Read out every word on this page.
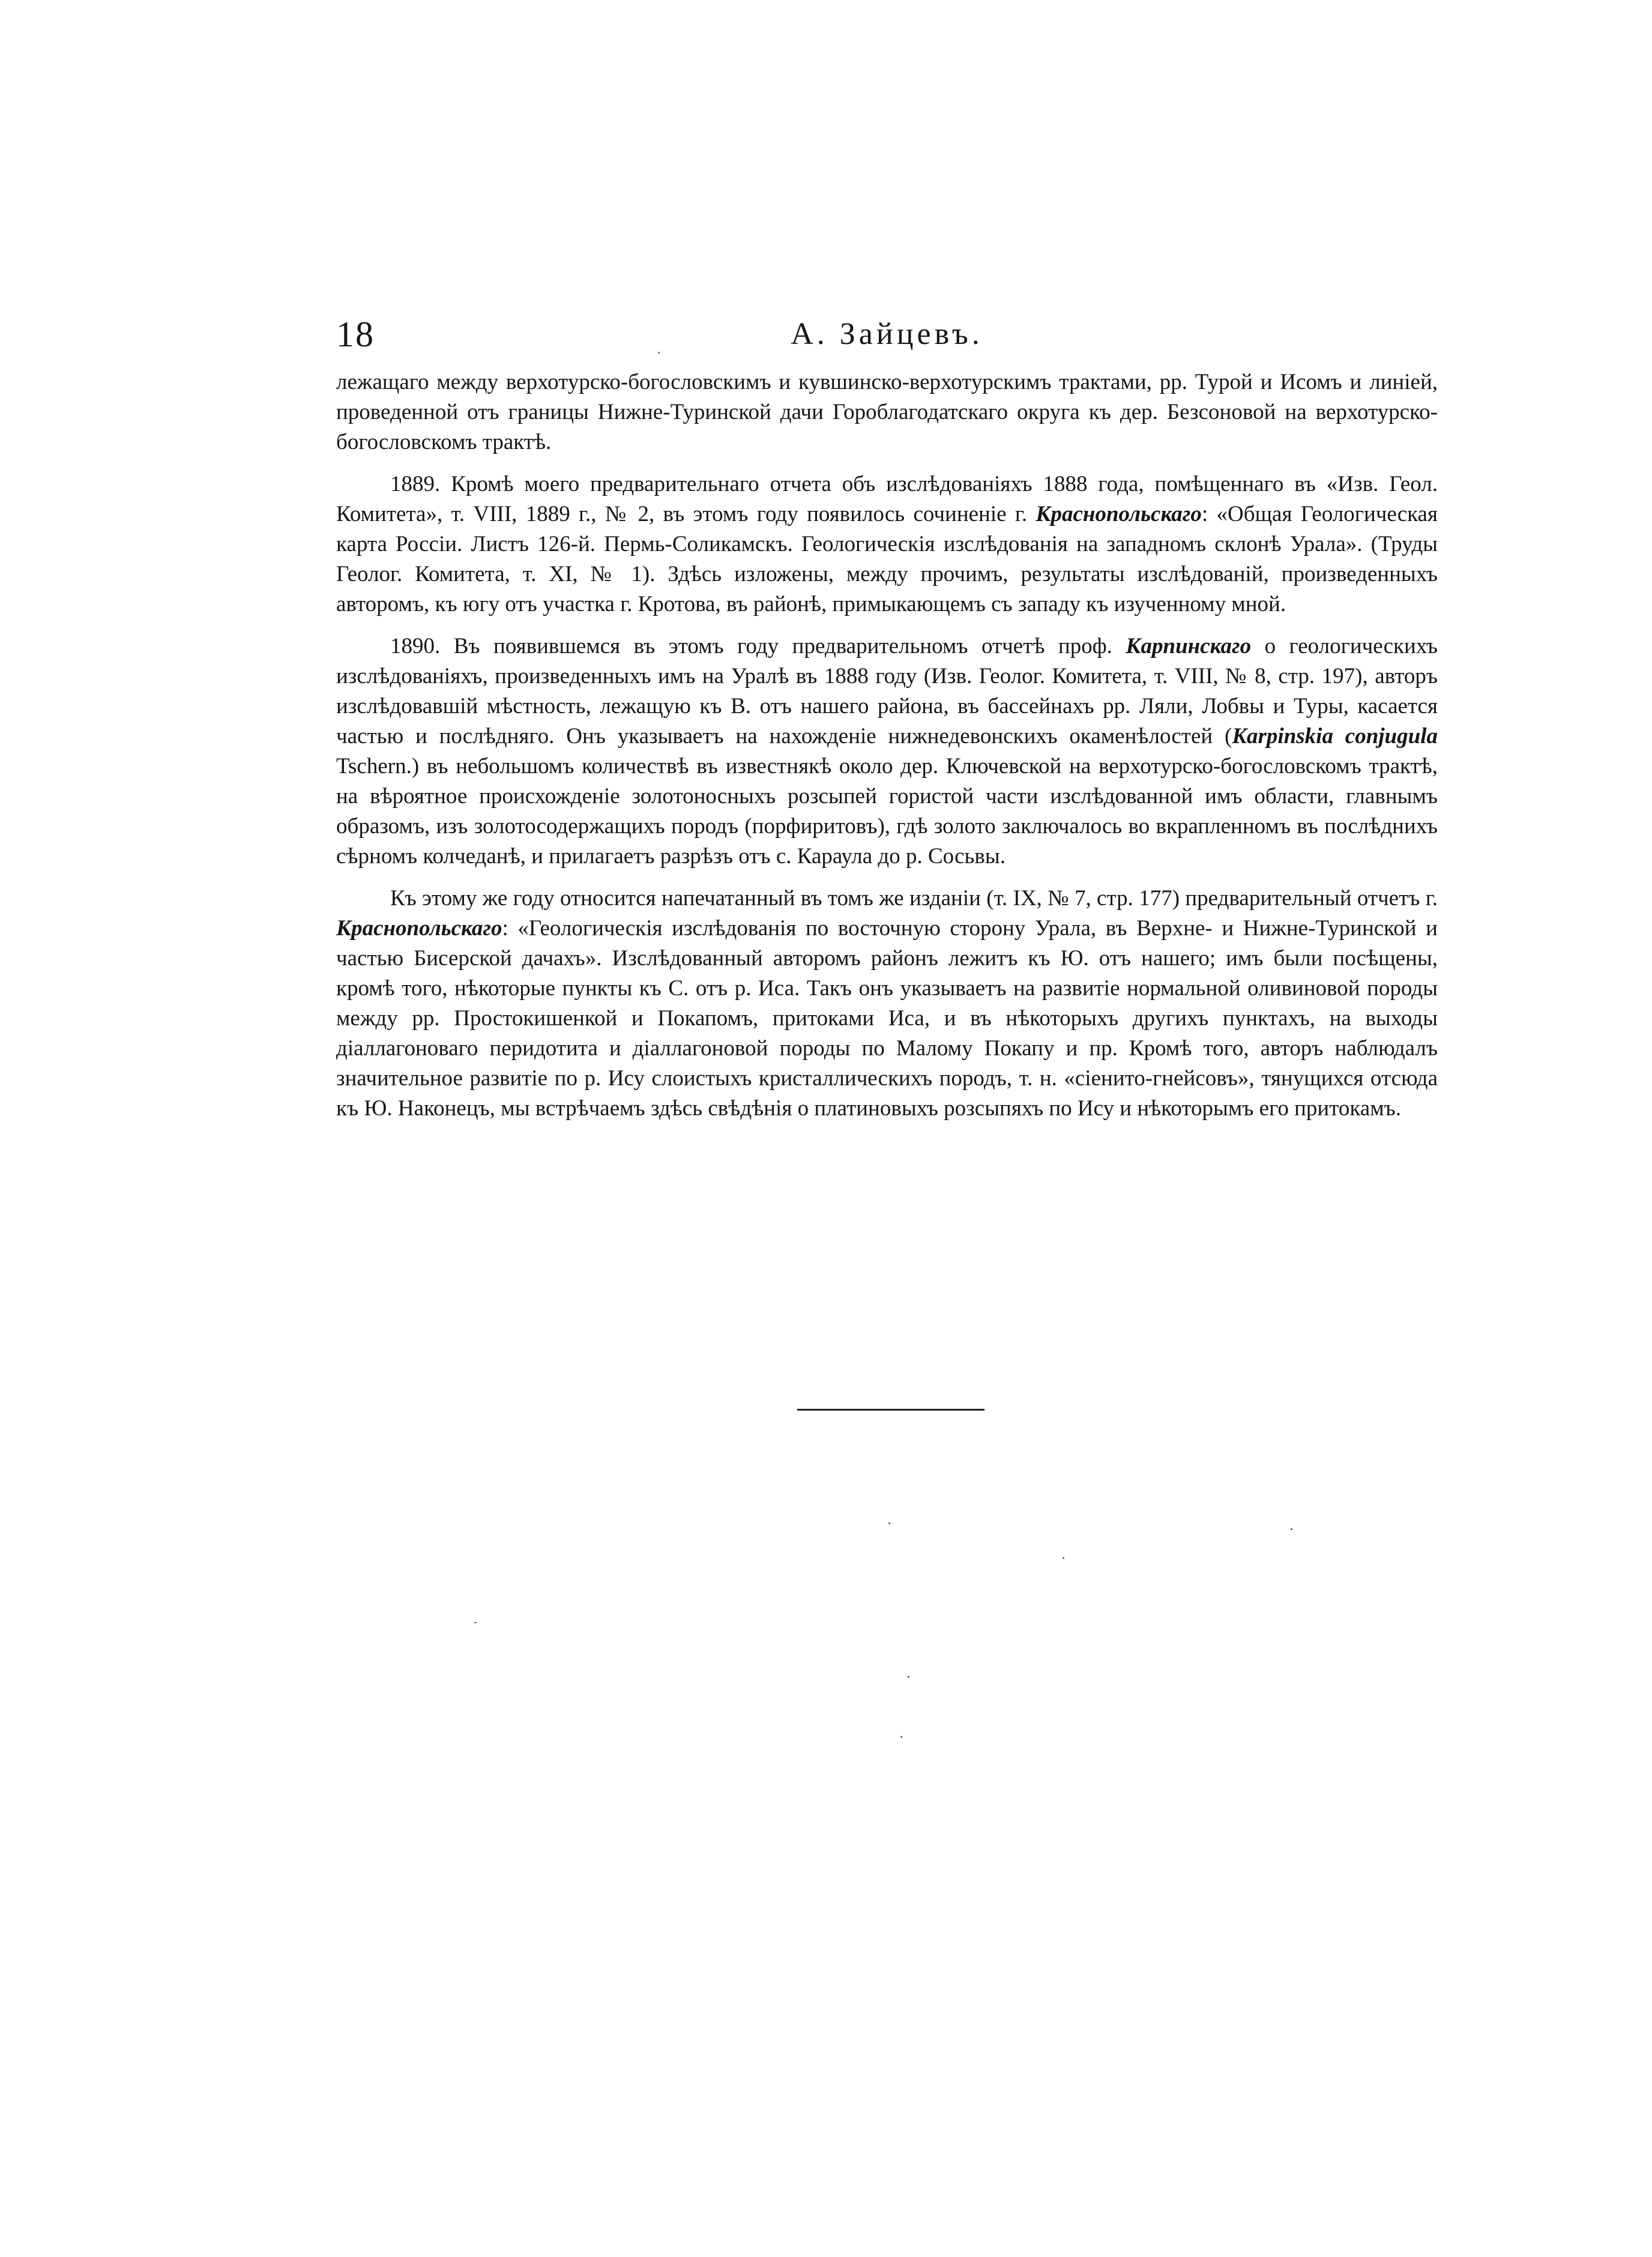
18	А. Зайцевъ.

лежащаго между верхотурско-богословскимъ и кувшинско-верхотурскимъ трактами, рр. Турой и Исомъ и линiей, проведенной отъ границы Нижне-Туринской дачи Гороблагодатскаго округа къ дер. Безсоновой на верхотурско-богословскомъ трактѣ.

1889. Кромѣ моего предварительнаго отчета объ изслѣдованiяхъ 1888 года, помѣщеннаго въ «Изв. Геол. Комитета», т. VIII, 1889 г., № 2, въ этомъ году появилось сочиненiе г. Краснопольскаго: «Общая Геологическая карта Россiи. Листъ 126-й. Пермь-Соликамскъ. Геологическiя изслѣдованiя на западномъ склонѣ Урала». (Труды Геолог. Комитета, т. XI, № 1). Здѣсь изложены, между прочимъ, результаты изслѣдованiй, произведенныхъ авторомъ, къ югу отъ участка г. Кротова, въ районѣ, примыкающемъ съ западу къ изученному мной.

1890. Въ появившемся въ этомъ году предварительномъ отчетѣ проф. Карпинскаго о геологическихъ изслѣдованiяхъ, произведенныхъ имъ на Уралѣ въ 1888 году (Изв. Геолог. Комитета, т. VIII, № 8, стр. 197), авторъ изслѣдовавшiй мѣстность, лежащую къ В. отъ нашего района, въ бассейнахъ рр. Ляли, Лобвы и Туры, касается частью и послѣдняго. Онъ указываетъ на нахожденiе нижнедевонскихъ окаменѣлостей (Karpinskia conjugula Tschern.) въ небольшомъ количествѣ въ известнякѣ около дер. Ключевской на верхотурско-богословскомъ трактѣ, на вѣроятное происхожденiе золотоносныхъ розсыпей гористой части изслѣдованной имъ области, главнымъ образомъ, изъ золотосодержащихъ породъ (порфиритовъ), гдѣ золото заключалось во вкрапленномъ въ послѣднихъ сѣрномъ колчеданѣ, и прилагаетъ разрѣзъ отъ с. Караула до р. Сосьвы.

Къ этому же году относится напечатанный въ томъ же изданiи (т. IX, № 7, стр. 177) предварительный отчетъ г. Краснопольскаго: «Геологическiя изслѣдованiя по восточную сторону Урала, въ Верхне- и Нижне-Туринской и частью Бисерской дачахъ». Изслѣдованный авторомъ районъ лежитъ къ Ю. отъ нашего; имъ были посѣщены, кромѣ того, нѣкоторые пункты къ С. отъ р. Иса. Такъ онъ указываетъ на развитiе нормальной оливиновой породы между рр. Простокишенкой и Покапомъ, притоками Иса, и въ нѣкоторыхъ другихъ пунктахъ, на выходы дiаллагоноваго перидотита и дiаллагоновой породы по Малому Покапу и пр. Кромѣ того, авторъ наблюдалъ значительное развитiе по р. Ису слоистыхъ кристаллическихъ породъ, т. н. «сiенито-гнейсовъ», тянущихся отсюда къ Ю. Наконецъ, мы встрѣчаемъ здѣсь свѣдѣнiя о платиновыхъ розсыпяхъ по Ису и нѣкоторымъ его притокамъ.
